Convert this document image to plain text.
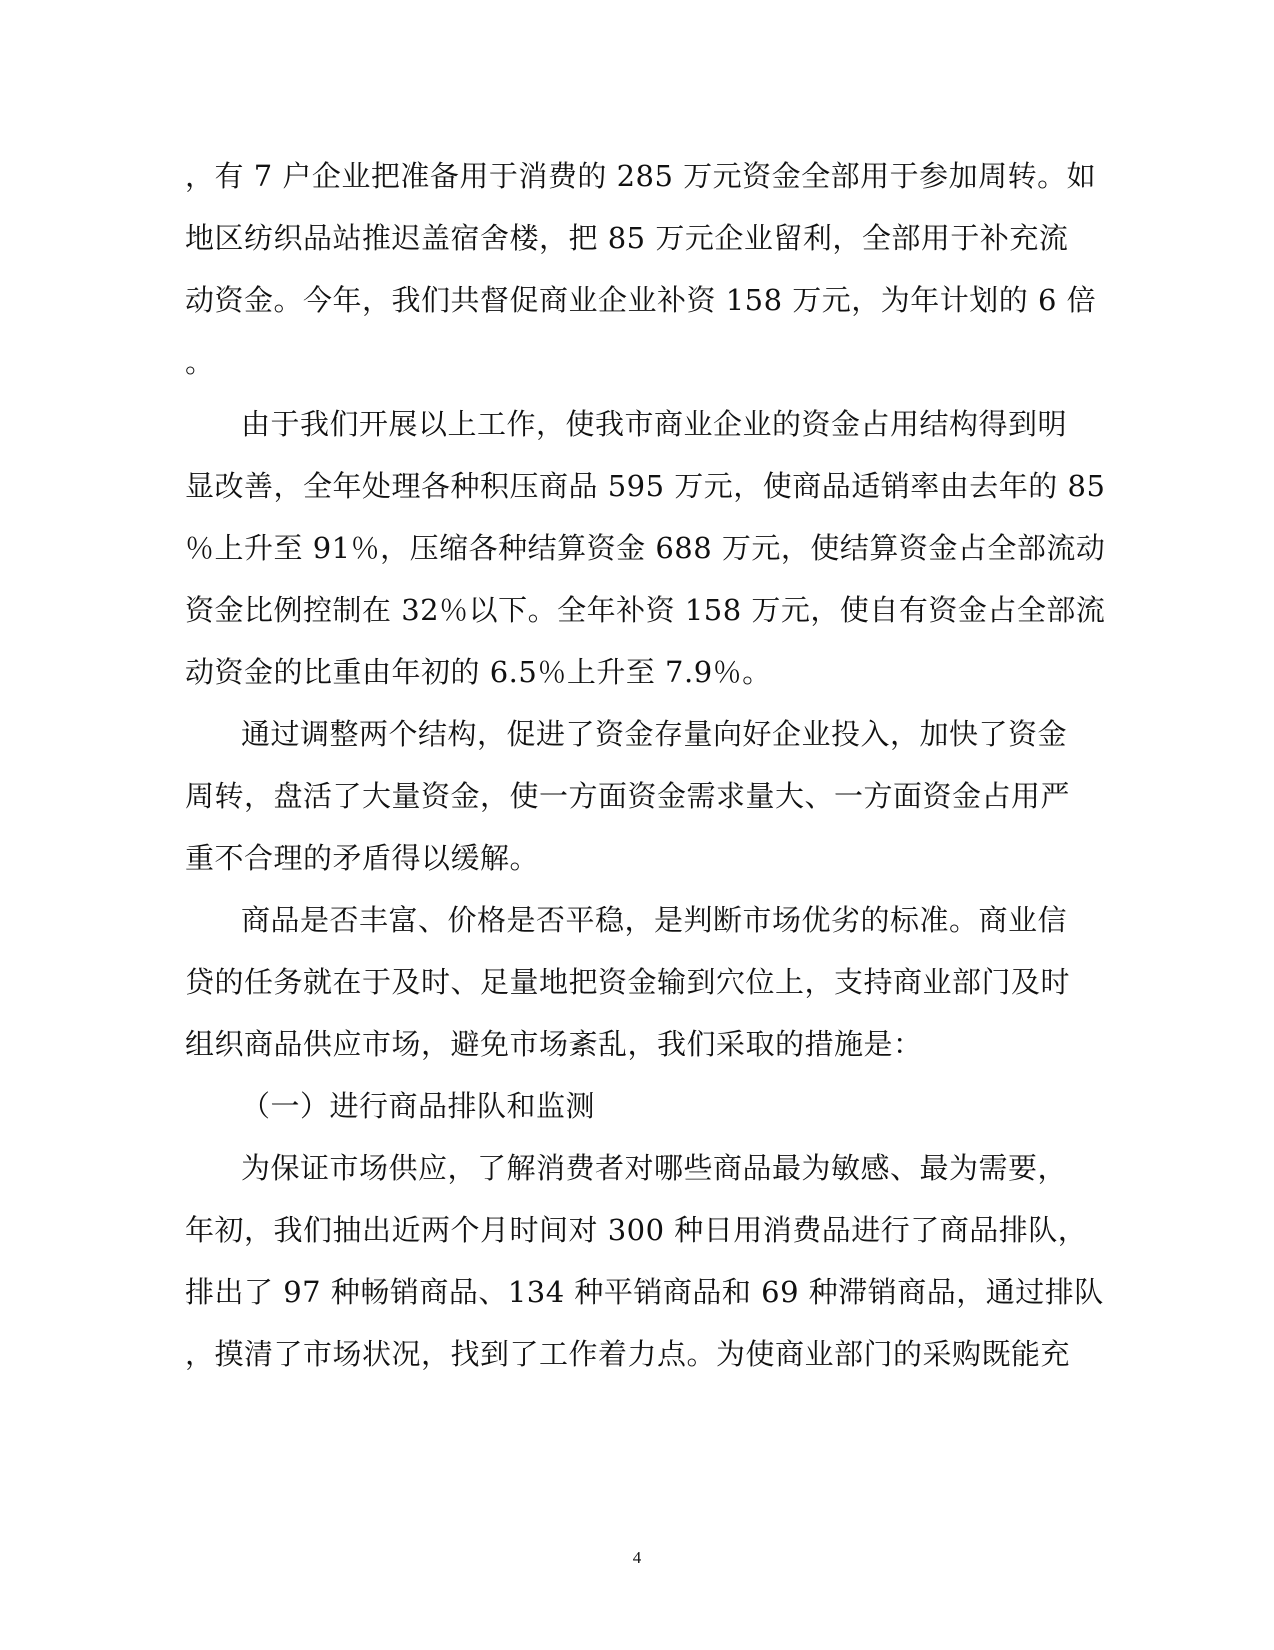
，有 7 户企业把准备用于消费的 285 万元资金全部用于参加周转。如
地区纺织品站推迟盖宿舍楼，把 85 万元企业留利，全部用于补充流
动资金。今年，我们共督促商业企业补资 158 万元，为年计划的 6 倍
。
由于我们开展以上工作，使我市商业企业的资金占用结构得到明
显改善，全年处理各种积压商品 595 万元，使商品适销率由去年的 85
％上升至 91％，压缩各种结算资金 688 万元，使结算资金占全部流动
资金比例控制在 32％以下。全年补资 158 万元，使自有资金占全部流
动资金的比重由年初的 6.5％上升至 7.9％。
通过调整两个结构，促进了资金存量向好企业投入，加快了资金
周转，盘活了大量资金，使一方面资金需求量大、一方面资金占用严
重不合理的矛盾得以缓解。
商品是否丰富、价格是否平稳，是判断市场优劣的标准。商业信
贷的任务就在于及时、足量地把资金输到穴位上，支持商业部门及时
组织商品供应市场，避免市场紊乱，我们采取的措施是：
（一）进行商品排队和监测
为保证市场供应，了解消费者对哪些商品最为敏感、最为需要，
年初，我们抽出近两个月时间对 300 种日用消费品进行了商品排队，
排出了 97 种畅销商品、134 种平销商品和 69 种滞销商品，通过排队
，摸清了市场状况，找到了工作着力点。为使商业部门的采购既能充
4
